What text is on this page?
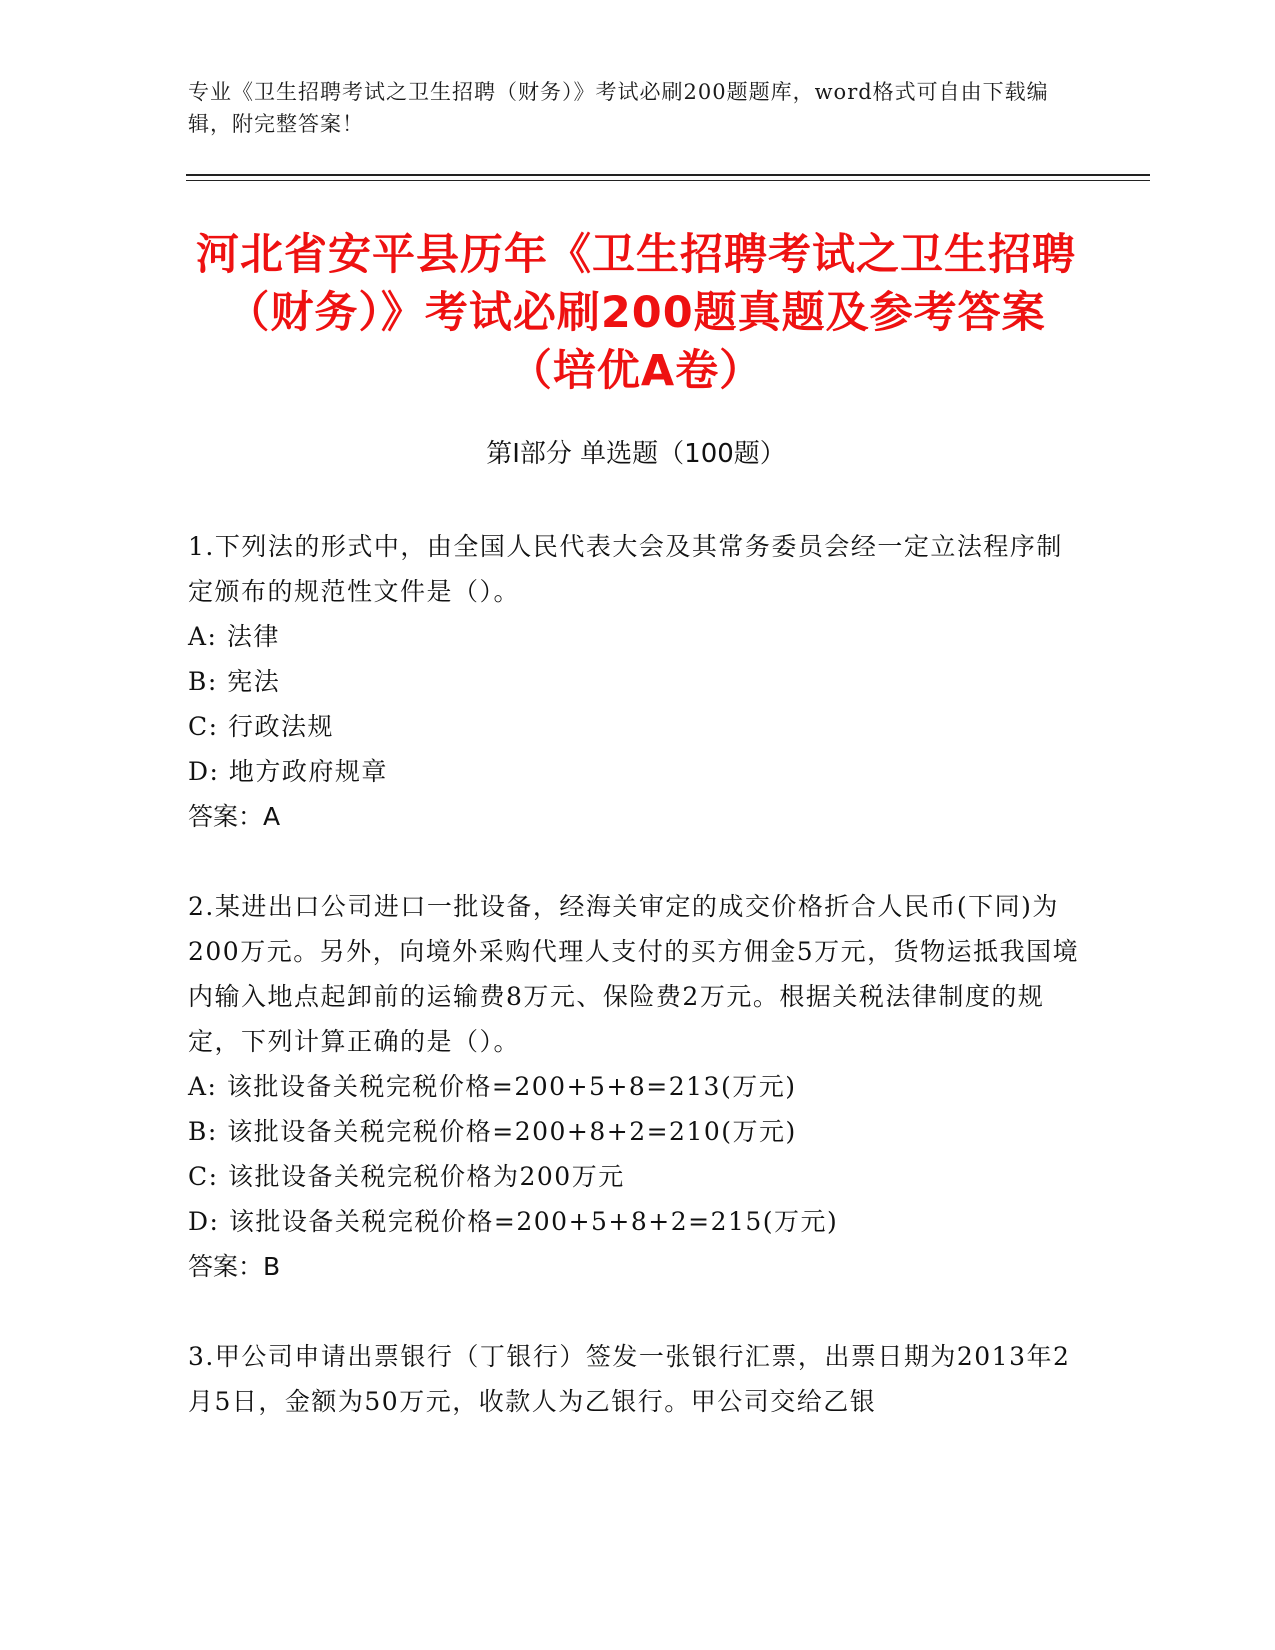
专业《卫生招聘考试之卫生招聘（财务）》考试必刷200题题库，word格式可自由下载编辑，附完整答案！
河北省安平县历年《卫生招聘考试之卫生招聘（财务）》考试必刷200题真题及参考答案（培优A卷）
第I部分 单选题（100题）

1.下列法的形式中，由全国人民代表大会及其常务委员会经一定立法程序制定颁布的规范性文件是（）。

A: 法律

B: 宪法

C: 行政法规

D: 地方政府规章

答案：A

2.某进出口公司进口一批设备，经海关审定的成交价格折合人民币(下同)为200万元。另外，向境外采购代理人支付的买方佣金5万元，货物运抵我国境内输入地点起卸前的运输费8万元、保险费2万元。根据关税法律制度的规定，下列计算正确的是（）。

A: 该批设备关税完税价格=200+5+8=213(万元)

B: 该批设备关税完税价格=200+8+2=210(万元)

C: 该批设备关税完税价格为200万元

D: 该批设备关税完税价格=200+5+8+2=215(万元)

答案：B

3.甲公司申请出票银行（丁银行）签发一张银行汇票，出票日期为2013年2月5日，金额为50万元，收款人为乙银行。甲公司交给乙银
